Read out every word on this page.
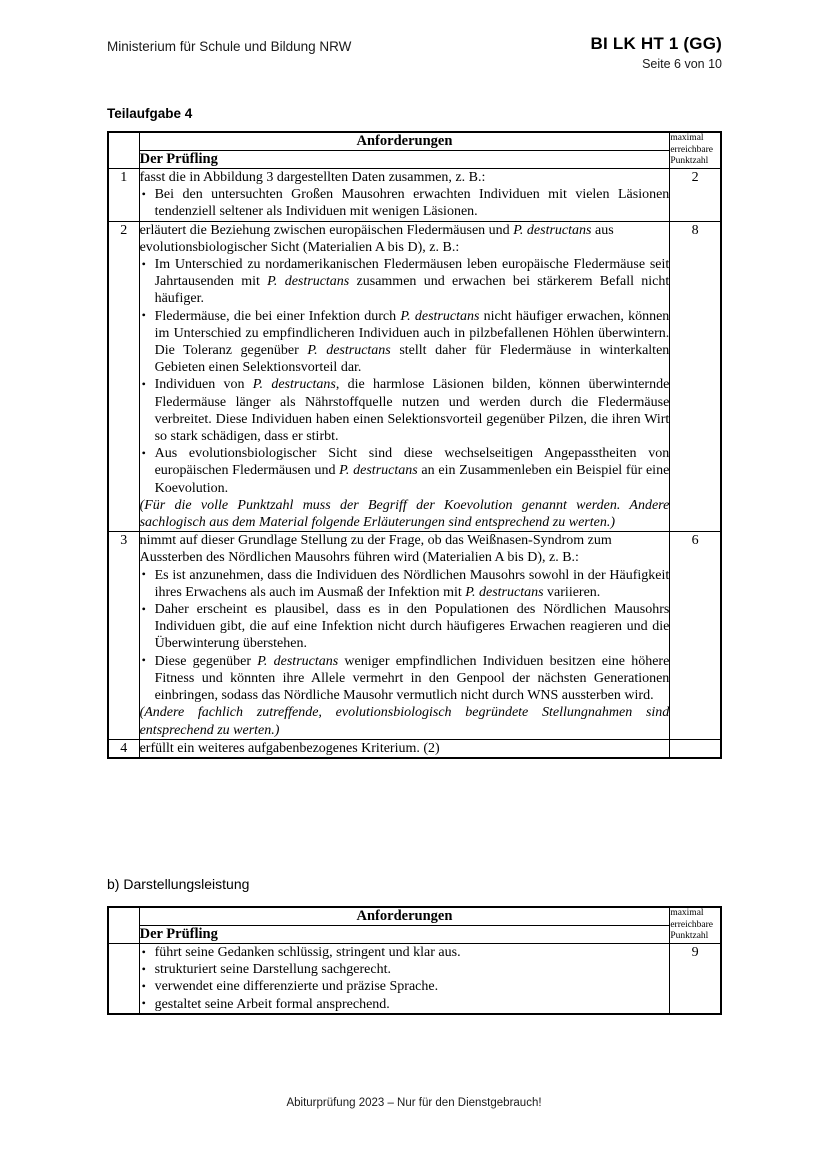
Ministerium für Schule und Bildung NRW	BI LK HT 1 (GG)
Seite 6 von 10
Teilaufgabe 4
	Anforderungen	maximal
erreichbare
Punktzahl

	Der Prüfling	
1	fasst die in Abbildung 3 dargestellten Daten zusammen, z. B.:

• Bei den untersuchten Großen Mausohren erwachten Individuen mit vielen Läsionen tendenziell seltener als Individuen mit wenigen Läsionen.
	2
2	erläutert die Beziehung zwischen europäischen Fledermäusen und P. destructans aus evolutionsbiologischer Sicht (Materialien A bis D), z. B.:

• Im Unterschied zu nordamerikanischen Fledermäusen leben europäische Fledermäuse seit Jahrtausenden mit P. destructans zusammen und erwachen bei stärkerem Befall nicht häufiger.
• Fledermäuse, die bei einer Infektion durch P. destructans nicht häufiger erwachen, können im Unterschied zu empfindlicheren Individuen auch in pilzbefallenen Höhlen überwintern. Die Toleranz gegenüber P. destructans stellt daher für Fledermäuse in winterkalten Gebieten einen Selektionsvorteil dar.
• Individuen von P. destructans, die harmlose Läsionen bilden, können überwinternde Fledermäuse länger als Nährstoffquelle nutzen und werden durch die Fledermäuse verbreitet. Diese Individuen haben einen Selektionsvorteil gegenüber Pilzen, die ihren Wirt so stark schädigen, dass er stirbt.
• Aus evolutionsbiologischer Sicht sind diese wechselseitigen Angepasstheiten von europäischen Fledermäusen und P. destructans an ein Zusammenleben ein Beispiel für eine Koevolution.

(Für die volle Punktzahl muss der Begriff der Koevolution genannt werden. Andere sachlogisch aus dem Material folgende Erläuterungen sind entsprechend zu werten.)

	8
3	nimmt auf dieser Grundlage Stellung zu der Frage, ob das Weißnasen-Syndrom zum Aussterben des Nördlichen Mausohrs führen wird (Materialien A bis D), z. B.:

• Es ist anzunehmen, dass die Individuen des Nördlichen Mausohrs sowohl in der Häufigkeit ihres Erwachens als auch im Ausmaß der Infektion mit P. destructans variieren.
• Daher erscheint es plausibel, dass es in den Populationen des Nördlichen Mausohrs Individuen gibt, die auf eine Infektion nicht durch häufigeres Erwachen reagieren und die Überwinterung überstehen.
• Diese gegenüber P. destructans weniger empfindlichen Individuen besitzen eine höhere Fitness und könnten ihre Allele vermehrt in den Genpool der nächsten Generationen einbringen, sodass das Nördliche Mausohr vermutlich nicht durch WNS aussterben wird.

(Andere fachlich zutreffende, evolutionsbiologisch begründete Stellungnahmen sind entsprechend zu werten.)

	6
4	erfüllt ein weiteres aufgabenbezogenes Kriterium. (2)	

b) Darstellungsleistung
	Anforderungen	maximal
erreichbare
Punktzahl

	Der Prüfling	

• führt seine Gedanken schlüssig, stringent und klar aus.
• strukturiert seine Darstellung sachgerecht.
• verwendet eine differenzierte und präzise Sprache.
• gestaltet seine Arbeit formal ansprechend.
	9
Abiturprüfung 2023 – Nur für den Dienstgebrauch!
